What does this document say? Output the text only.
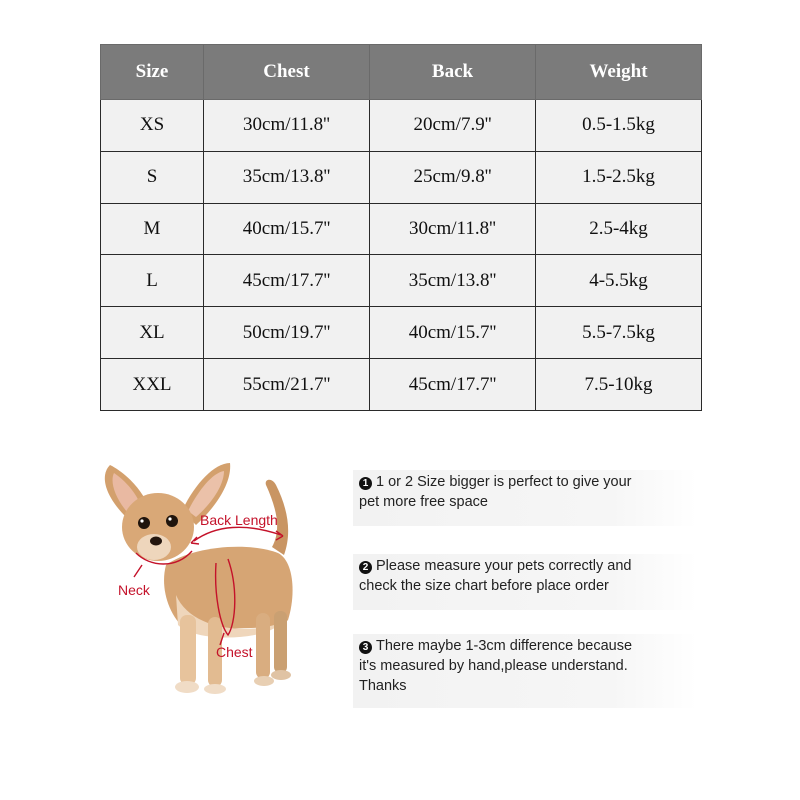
Size	Chest	Back	Weight
XS	30cm/11.8''	20cm/7.9''	0.5-1.5kg
S	35cm/13.8''	25cm/9.8''	1.5-2.5kg
M	40cm/15.7''	30cm/11.8''	2.5-4kg
L	45cm/17.7''	35cm/13.8''	4-5.5kg
XL	50cm/19.7''	40cm/15.7''	5.5-7.5kg
XXL	55cm/21.7''	45cm/17.7''	7.5-10kg
Back Length
Neck
Chest
1 1 or 2 Size bigger is perfect to give your
pet more free space
2 Please measure your pets correctly and
check the size chart before place order
3 There maybe 1-3cm difference because
it's measured by hand,please understand.
Thanks
